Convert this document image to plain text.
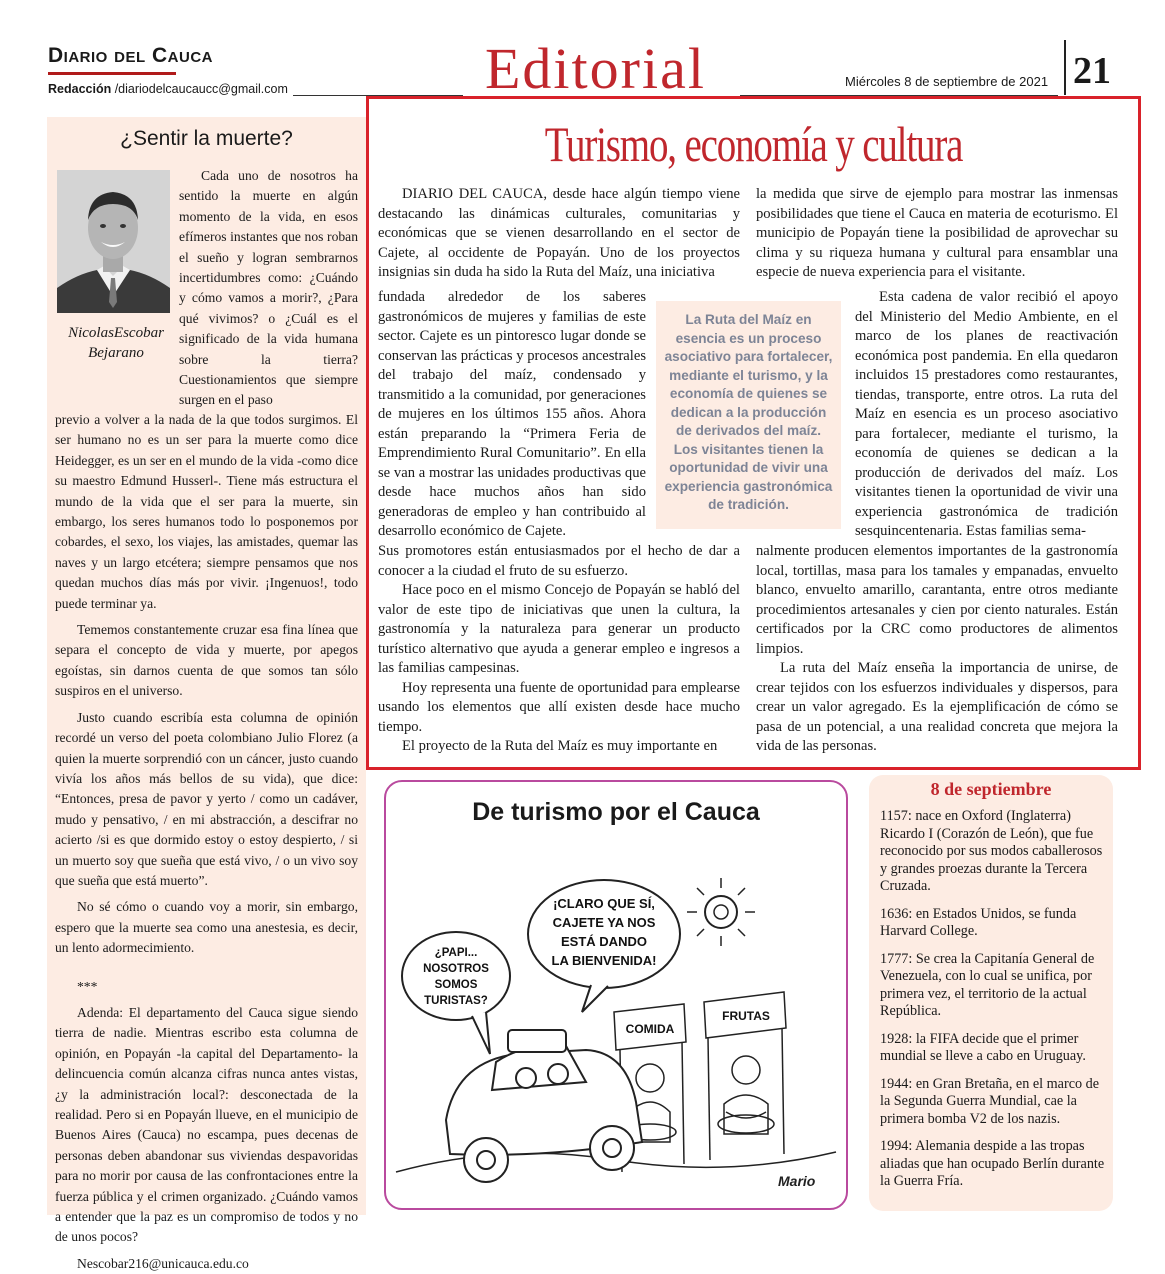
Diario del Cauca
Redacción /diariodelcaucaucc@gmail.com	Editorial	Miércoles 8 de septiembre de 2021 21
¿Sentir la muerte?
NicolasEscobar Bejarano

Cada uno de nosotros ha sentido la muerte en algún momento de la vida, en esos efímeros instantes que nos roban el sueño y logran sembrarnos incertidumbres como: ¿Cuándo y cómo vamos a morir?, ¿Para qué vivimos? o ¿Cuál es el significado de la vida humana sobre la tierra? Cuestionamientos que siempre surgen en el paso

previo a volver a la nada de la que todos surgimos. El ser humano no es un ser para la muerte como dice Heidegger, es un ser en el mundo de la vida -como dice su maestro Edmund Husserl-. Tiene más estructura el mundo de la vida que el ser para la muerte, sin embargo, los seres humanos todo lo posponemos por cobardes, el sexo, los viajes, las amistades, quemar las naves y un largo etcétera; siempre pensamos que nos quedan muchos días más por vivir. ¡Ingenuos!, todo puede terminar ya.

Tememos constantemente cruzar esa fina línea que separa el concepto de vida y muerte, por apegos egoístas, sin darnos cuenta de que somos tan sólo suspiros en el universo.

Justo cuando escribía esta columna de opinión recordé un verso del poeta colombiano Julio Florez (a quien la muerte sorprendió con un cáncer, justo cuando vivía los años más bellos de su vida), que dice: “Entonces, presa de pavor y yerto / como un cadáver, mudo y pensativo, / en mi abstracción, a descifrar no acierto /si es que dormido estoy o estoy despierto, / si un muerto soy que sueña que está vivo, / o un vivo soy que sueña que está muerto”.

No sé cómo o cuando voy a morir, sin embargo, espero que la muerte sea como una anestesia, es decir, un lento adormecimiento.

***

Adenda: El departamento del Cauca sigue siendo tierra de nadie. Mientras escribo esta columna de opinión, en Popayán -la capital del Departamento- la delincuencia común alcanza cifras nunca antes vistas, ¿y la administración local?: desconectada de la realidad. Pero si en Popayán llueve, en el municipio de Buenos Aires (Cauca) no escampa, pues decenas de personas deben abandonar sus viviendas despavoridas para no morir por causa de las confrontaciones entre la fuerza pública y el crimen organizado. ¿Cuándo vamos a entender que la paz es un compromiso de todos y no de unos pocos?

Nescobar216@unicauca.edu.co

Turismo, economía y cultura

DIARIO DEL CAUCA, desde hace algún tiempo viene destacando las dinámicas culturales, comunitarias y económicas que se vienen desarrollando en el sector de Cajete, al occidente de Popayán. Uno de los proyectos insignias sin duda ha sido la Ruta del Maíz, una iniciativa

fundada alrededor de los saberes gastronómicos de mujeres y familias de este sector. Cajete es un pintoresco lugar donde se conservan las prácticas y procesos ancestrales del trabajo del maíz, condensado y transmitido a la comunidad, por generaciones de mujeres en los últimos 155 años. Ahora están preparando la “Primera Feria de Emprendimiento Rural Comunitario”. En ella se van a mostrar las unidades productivas que desde hace muchos años han sido generadoras de empleo y han contribuido al desarrollo económico de Cajete.

Sus promotores están entusiasmados por el hecho de dar a conocer a la ciudad el fruto de su esfuerzo.

Hace poco en el mismo Concejo de Popayán se habló del valor de este tipo de iniciativas que unen la cultura, la gastronomía y la naturaleza para generar un producto turístico alternativo que ayuda a generar empleo e ingresos a las familias campesinas.

Hoy representa una fuente de oportunidad para emplearse usando los elementos que allí existen desde hace mucho tiempo.

El proyecto de la Ruta del Maíz es muy importante en

la medida que sirve de ejemplo para mostrar las inmensas posibilidades que tiene el Cauca en materia de ecoturismo. El municipio de Popayán tiene la posibilidad de aprovechar su clima y su riqueza humana y cultural para ensamblar una especie de nueva experiencia para el visitante.

Esta cadena de valor recibió el apoyo del Ministerio del Medio Ambiente, en el marco de los planes de reactivación económica post pandemia. En ella quedaron incluidos 15 prestadores como restaurantes, tiendas, transporte, entre otros. La ruta del Maíz en esencia es un proceso asociativo para fortalecer, mediante el turismo, la economía de quienes se dedican a la producción de derivados del maíz. Los visitantes tienen la oportunidad de vivir una experiencia gastronómica de tradición sesquincentenaria. Estas familias sema-

nalmente producen elementos importantes de la gastronomía local, tortillas, masa para los tamales y empanadas, envuelto blanco, envuelto amarillo, carantanta, entre otros mediante procedimientos artesanales y cien por ciento naturales. Están certificados por la CRC como productores de alimentos limpios.

La ruta del Maíz enseña la importancia de unirse, de crear tejidos con los esfuerzos individuales y dispersos, para crear un valor agregado. Es la ejemplificación de cómo se pasa de un potencial, a una realidad concreta que mejora la vida de las personas.

La Ruta del Maíz en esencia es un proceso asociativo para fortalecer, mediante el turismo, y la economía de quienes se dedican a la producción de derivados del maíz. Los visitantes tienen la oportunidad de vivir una experiencia gastronómica de tradición.
De turismo por el Cauca
¡CLARO QUE SÍ,
CAJETE YA NOS
ESTÁ DANDO
LA BIENVENIDA!
¿PAPI...
NOSOTROS
SOMOS
TURISTAS?
COMIDA
FRUTAS
Mario
8 de septiembre

1157: nace en Oxford (Inglaterra) Ricardo I (Corazón de León), que fue reconocido por sus modos caballerosos y grandes proezas durante la Tercera Cruzada.

1636: en Estados Unidos, se funda Harvard College.

1777: Se crea la Capitanía General de Venezuela, con lo cual se unifica, por primera vez, el territorio de la actual República.

1928: la FIFA decide que el primer mundial se lleve a cabo en Uruguay.

1944: en Gran Bretaña, en el marco de la Segunda Guerra Mundial, cae la primera bomba V2 de los nazis.

1994: Alemania despide a las tropas aliadas que han ocupado Berlín durante la Guerra Fría.
